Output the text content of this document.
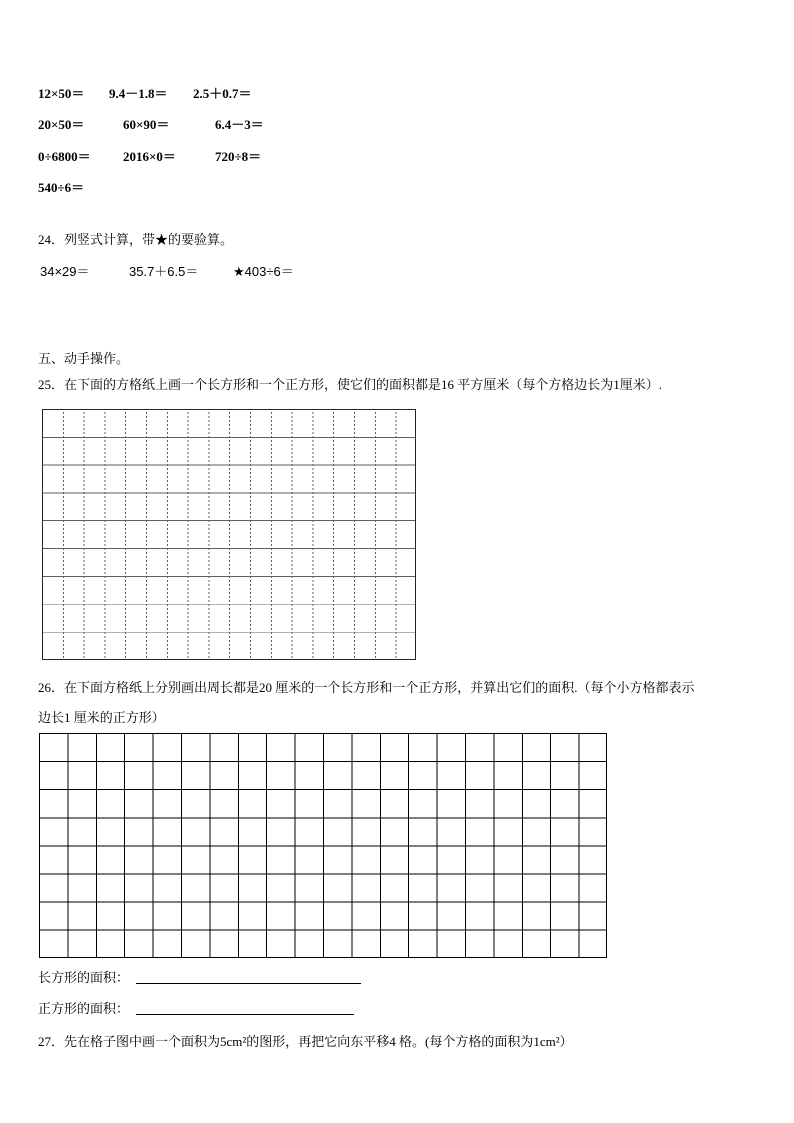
12×50＝ 9.4－1.8＝ 2.5＋0.7＝
20×50＝	60×90＝	6.4－3＝
0÷6800＝ 2016×0＝	720÷8＝
540÷6＝
24．列竖式计算，带★的要验算。
34×29＝	35.7＋6.5＝	★403÷6＝
五、动手操作。
25．在下面的方格纸上画一个长方形和一个正方形，使它们的面积都是16 平方厘米（每个方格边长为1厘米）.
26．在下面方格纸上分别画出周长都是20 厘米的一个长方形和一个正方形，并算出它们的面积.（每个小方格都表示
边长1 厘米的正方形）
长方形的面积：
正方形的面积：
27．先在格子图中画一个面积为5cm²的图形，再把它向东平移4 格。(每个方格的面积为1cm²）
